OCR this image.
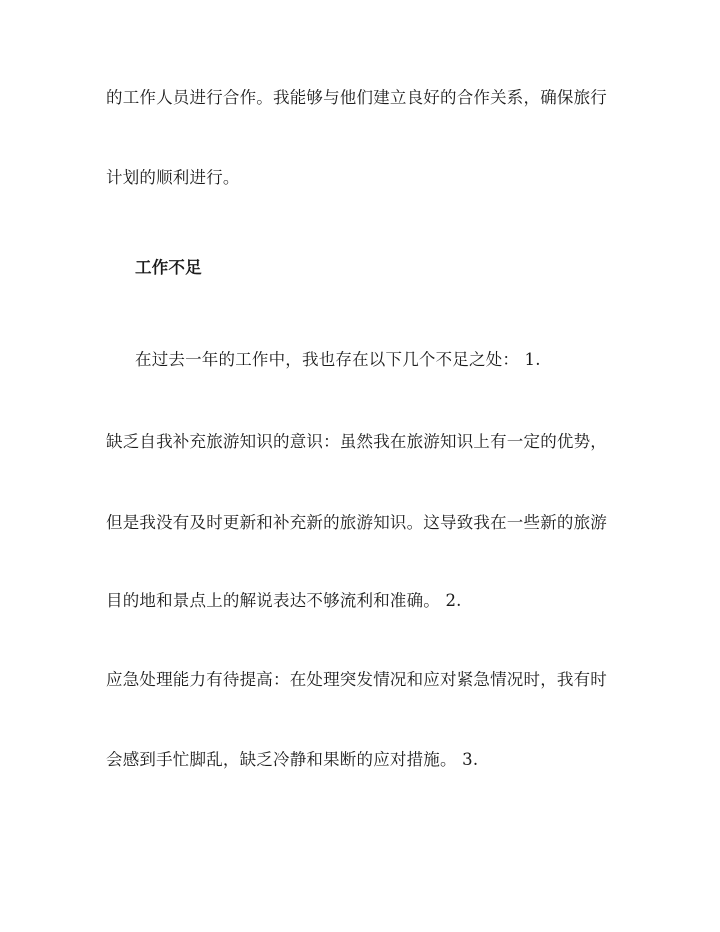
的工作人员进行合作。我能够与他们建立良好的合作关系，确保旅行
计划的顺利进行。
工作不足
在过去一年的工作中，我也存在以下几个不足之处： 1.
缺乏自我补充旅游知识的意识：虽然我在旅游知识上有一定的优势，
但是我没有及时更新和补充新的旅游知识。这导致我在一些新的旅游
目的地和景点上的解说表达不够流利和准确。 2.
应急处理能力有待提高：在处理突发情况和应对紧急情况时，我有时
会感到手忙脚乱，缺乏冷静和果断的应对措施。 3.
